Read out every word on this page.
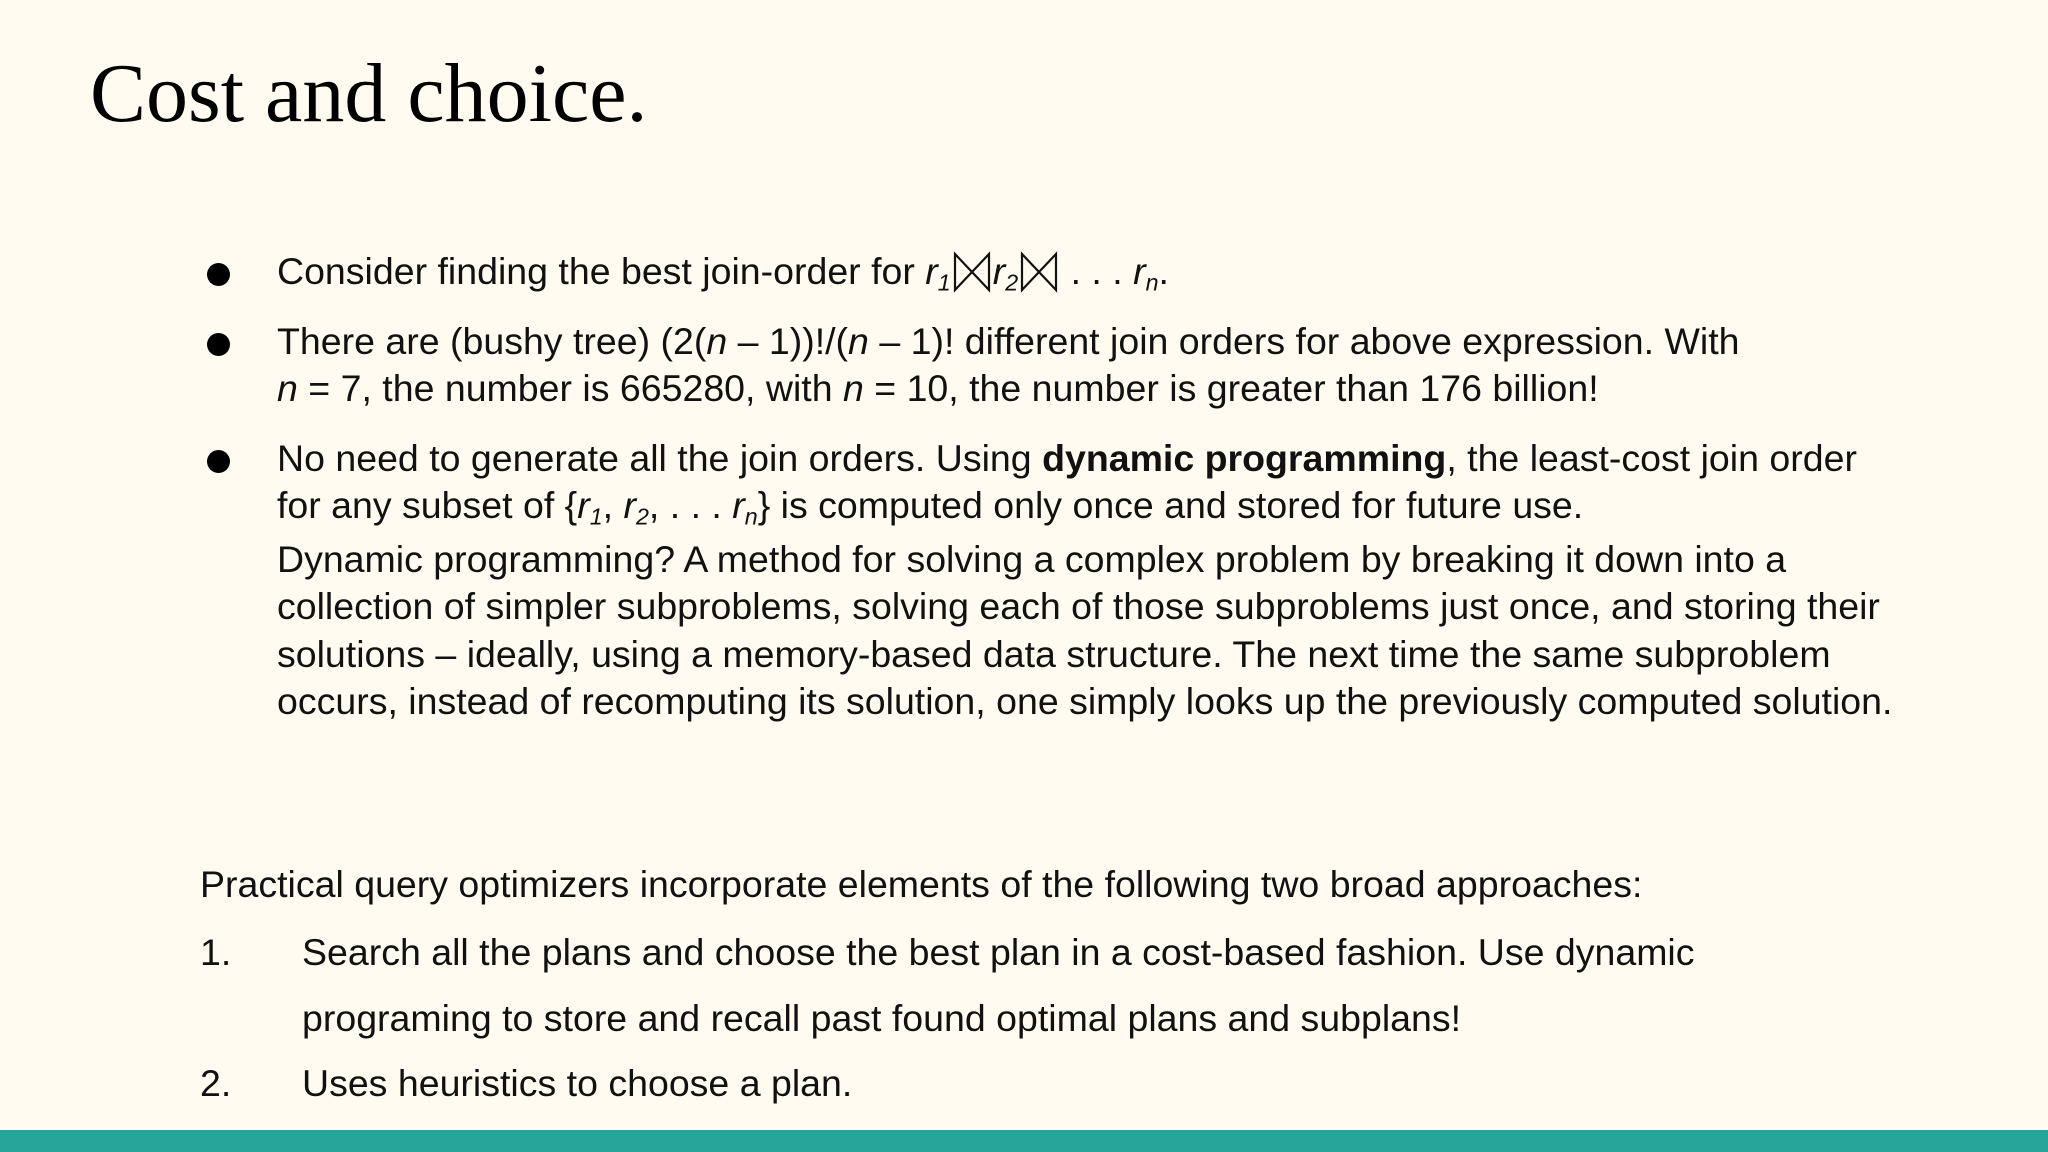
Cost and choice.
Consider finding the best join-order for $r_1$ $r_2$ . . . $r_n$.
There are (bushy tree) (2(n – 1))!/(n – 1)! different join orders for above expression. With
n = 7, the number is 665280, with n = 10, the number is greater than 176 billion!

No need to generate all the join orders. Using dynamic programming, the least-cost join order for any subset of {$r_1$, $r_2$, . . . $r_n$} is computed only once and stored for future use.

Dynamic programming? A method for solving a complex problem by breaking it down into a collection of simpler subproblems, solving each of those subproblems just once, and storing their solutions – ideally, using a memory-based data structure. The next time the same subproblem occurs, instead of recomputing its solution, one simply looks up the previously computed solution.

Practical query optimizers incorporate elements of the following two broad approaches:

1. Search all the plans and choose the best plan in a cost-based fashion. Use dynamic programing to store and recall past found optimal plans and subplans!
2. Uses heuristics to choose a plan.
